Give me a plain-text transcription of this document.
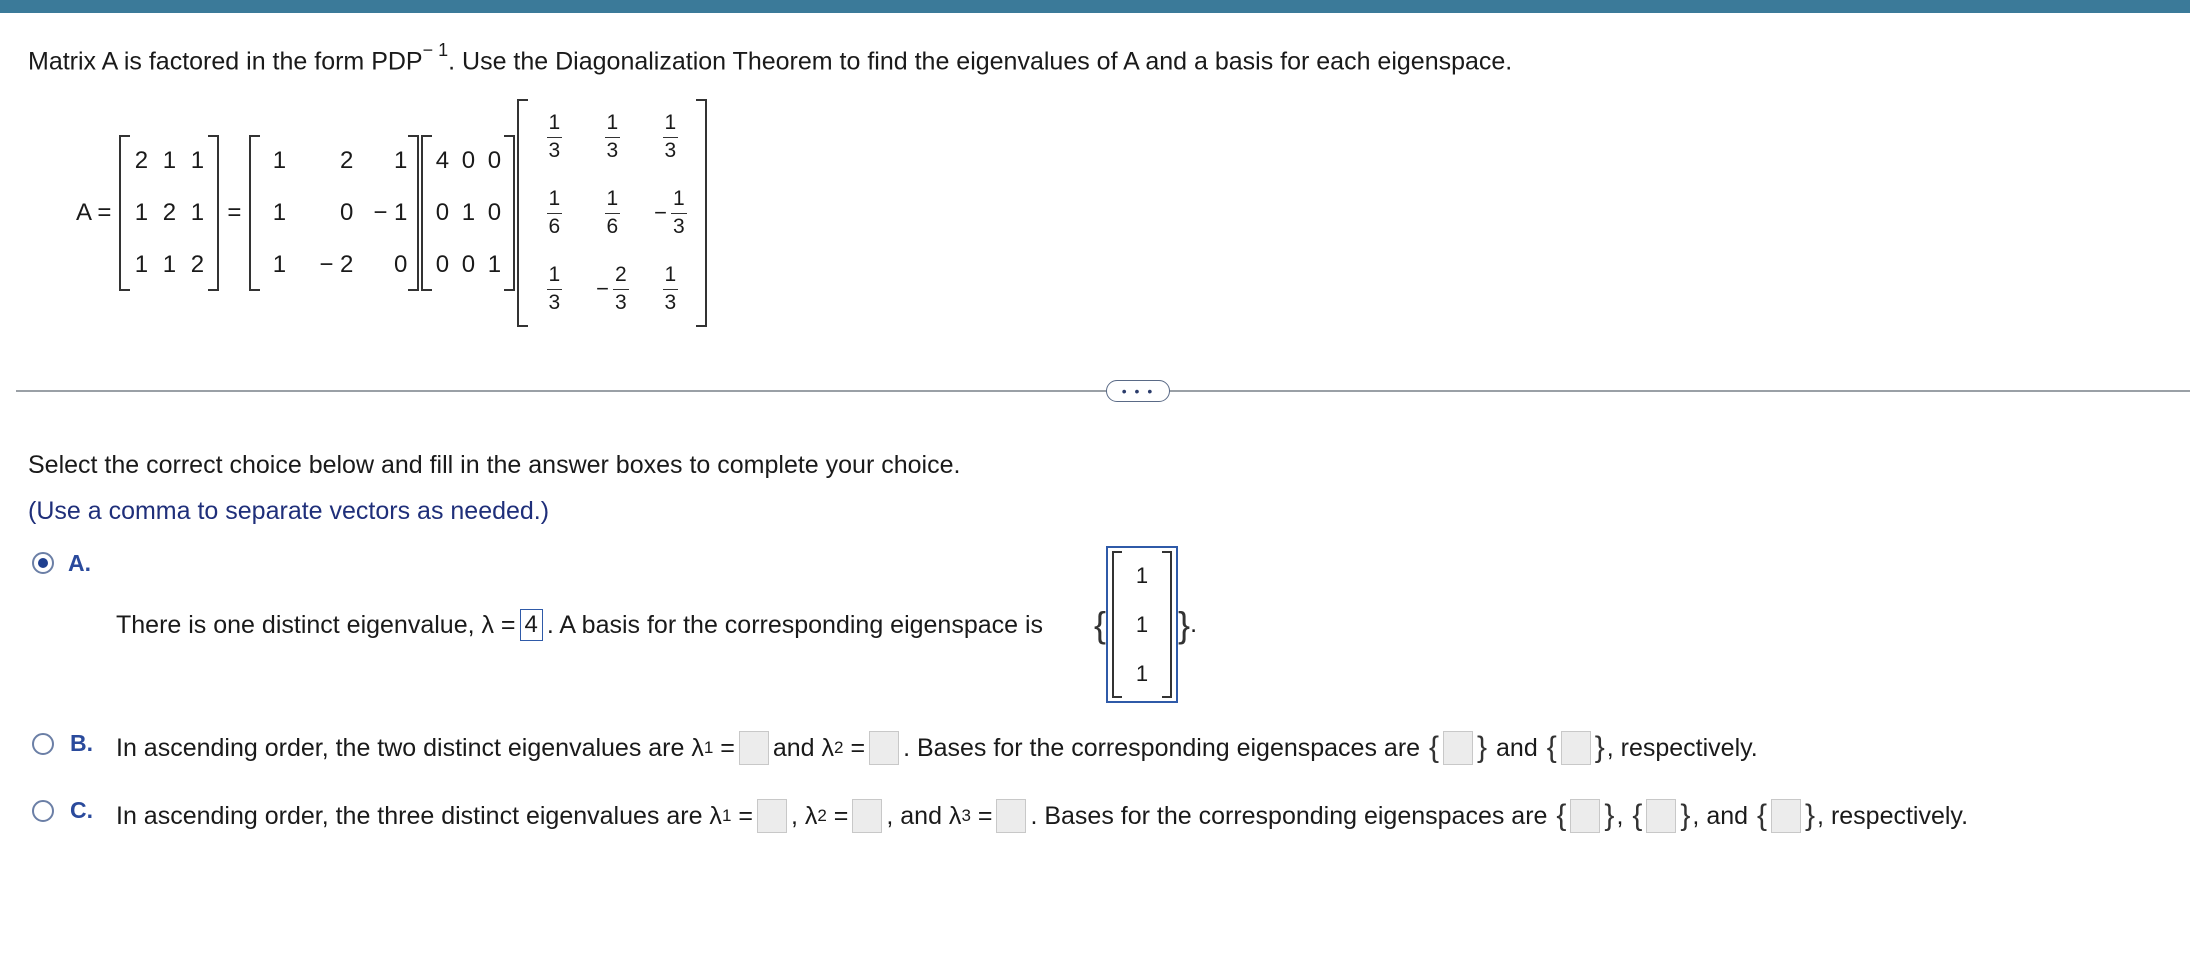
Matrix A is factored in the form $PDP^{- 1}$. Use the Diagonalization Theorem to find the eigenvalues of A and a basis for each eigenspace.
A =
2 1 1
1 2 1
1 1 2
=
1	2	1
1	0 − 1
1	− 2	0
4 0 0
0 1 0
0 0 1
$\frac{1}{3} \frac{1}{3} \frac{1}{3}$
$\frac{1}{6} \frac{1}{6} - \frac{1}{3}$
$\frac{1}{3} - \frac{2}{3} \frac{1}{3}$
• • •
Select the correct choice below and fill in the answer boxes to complete your choice.
(Use a comma to separate vectors as needed.)
A.
There is one distinct eigenvalue, λ = 4 . A basis for the corresponding eigenspace is {
1
1
1
} .
B. In ascending order, the two distinct eigenvalues are λ 1 = and λ 2 = . Bases for the corresponding eigenspaces are
{ }
and
{ } , respectively.
C. In ascending order, the three distinct eigenvalues are λ 1 = , λ 2 = , and λ 3 = . Bases for the corresponding eigenspaces are
{ } ,
{ } , and
{ } , respectively.
